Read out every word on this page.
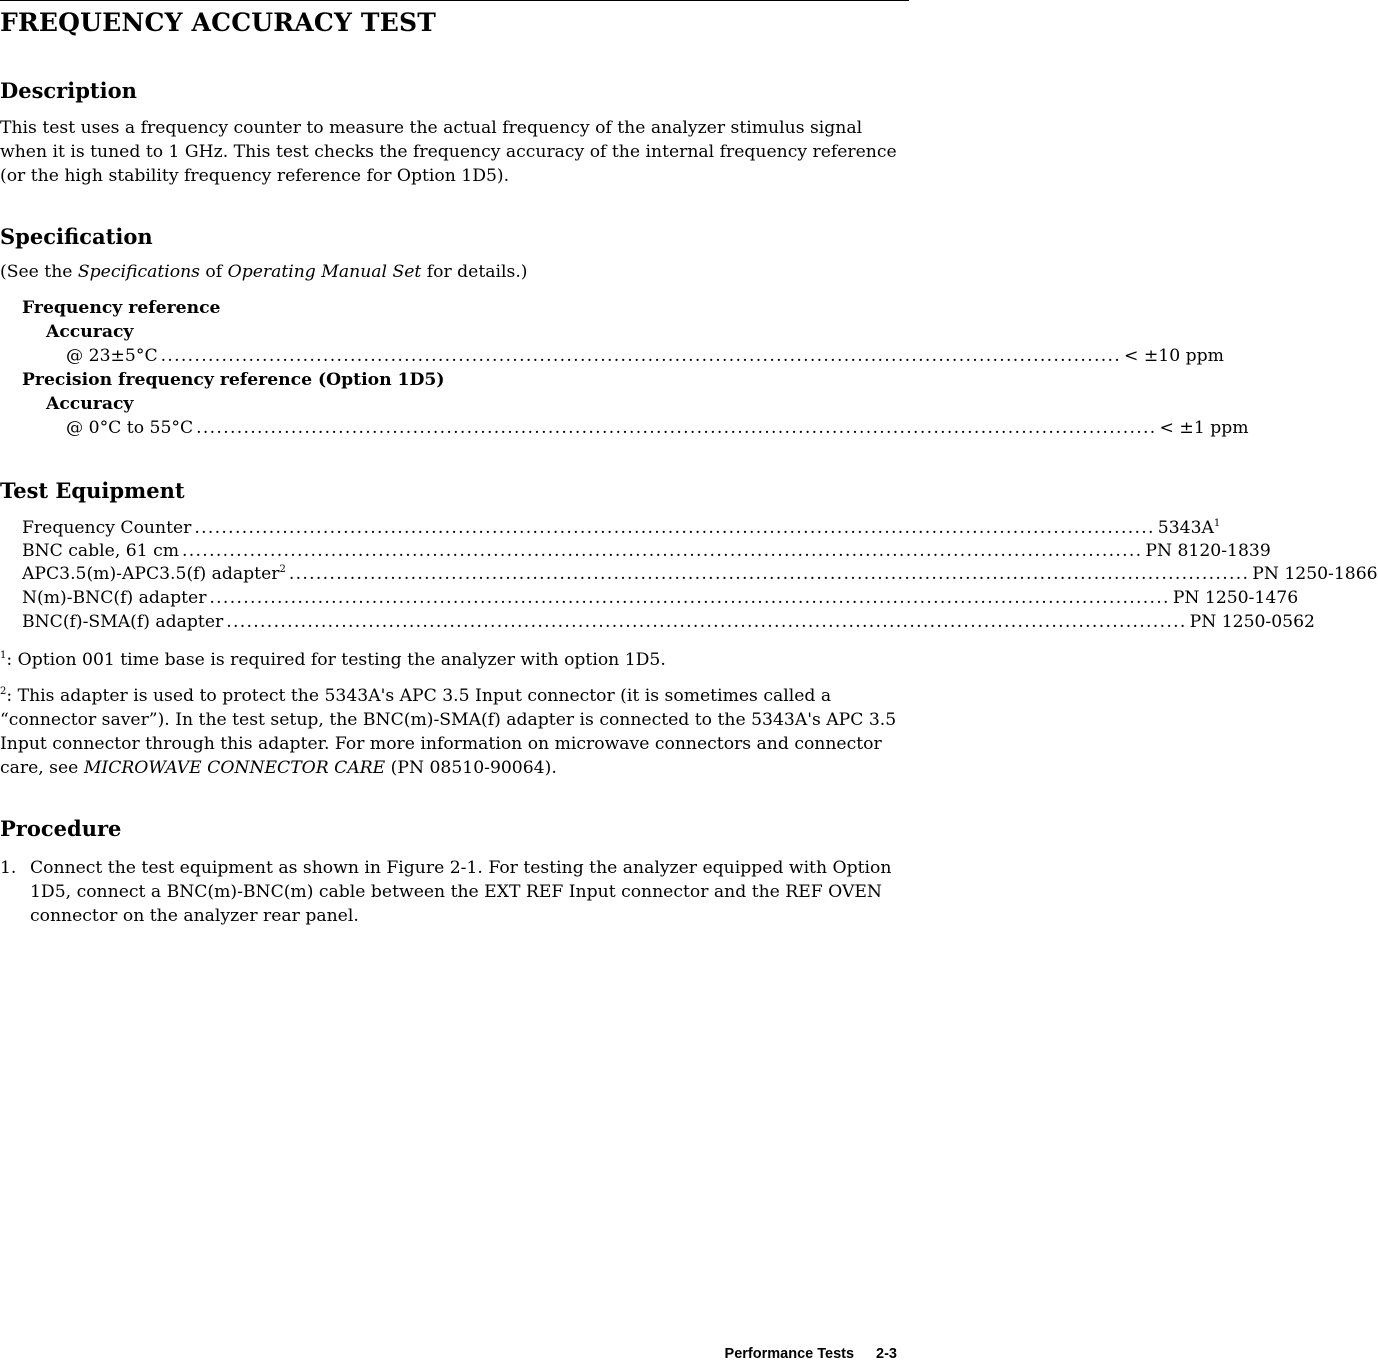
FREQUENCY ACCURACY TEST
Description
This test uses a frequency counter to measure the actual frequency of the analyzer stimulus signal when it is tuned to 1 GHz. This test checks the frequency accuracy of the internal frequency reference (or the high stability frequency reference for Option 1D5).
Specification
(See the Specifications of Operating Manual Set for details.)
Frequency reference
Accuracy
@ 23±5°C .............................................................................................................................................. < ±10 ppm
Precision frequency reference (Option 1D5)
Accuracy
@ 0°C to 55°C .............................................................................................................................................. < ±1 ppm
Test Equipment
Frequency Counter .............................................................................................................................................. $5343A^1$
BNC cable, 61 cm .............................................................................................................................................. PN 8120-1839
APC3.5(m)-APC3.5(f) adapter$^2$ .............................................................................................................................................. PN 1250-1866
N(m)-BNC(f) adapter .............................................................................................................................................. PN 1250-1476
BNC(f)-SMA(f) adapter .............................................................................................................................................. PN 1250-0562
$^1$: Option 001 time base is required for testing the analyzer with option 1D5.
$^2$: This adapter is used to protect the 5343A's APC 3.5 Input connector (it is sometimes called a “connector saver”). In the test setup, the BNC(m)-SMA(f) adapter is connected to the 5343A's APC 3.5 Input connector through this adapter. For more information on microwave connectors and connector care, see MICROWAVE CONNECTOR CARE (PN 08510-90064).
Procedure
1. Connect the test equipment as shown in Figure 2-1. For testing the analyzer equipped with Option 1D5, connect a BNC(m)-BNC(m) cable between the EXT REF Input connector and the REF OVEN connector on the analyzer rear panel.
Performance Tests 2-3
